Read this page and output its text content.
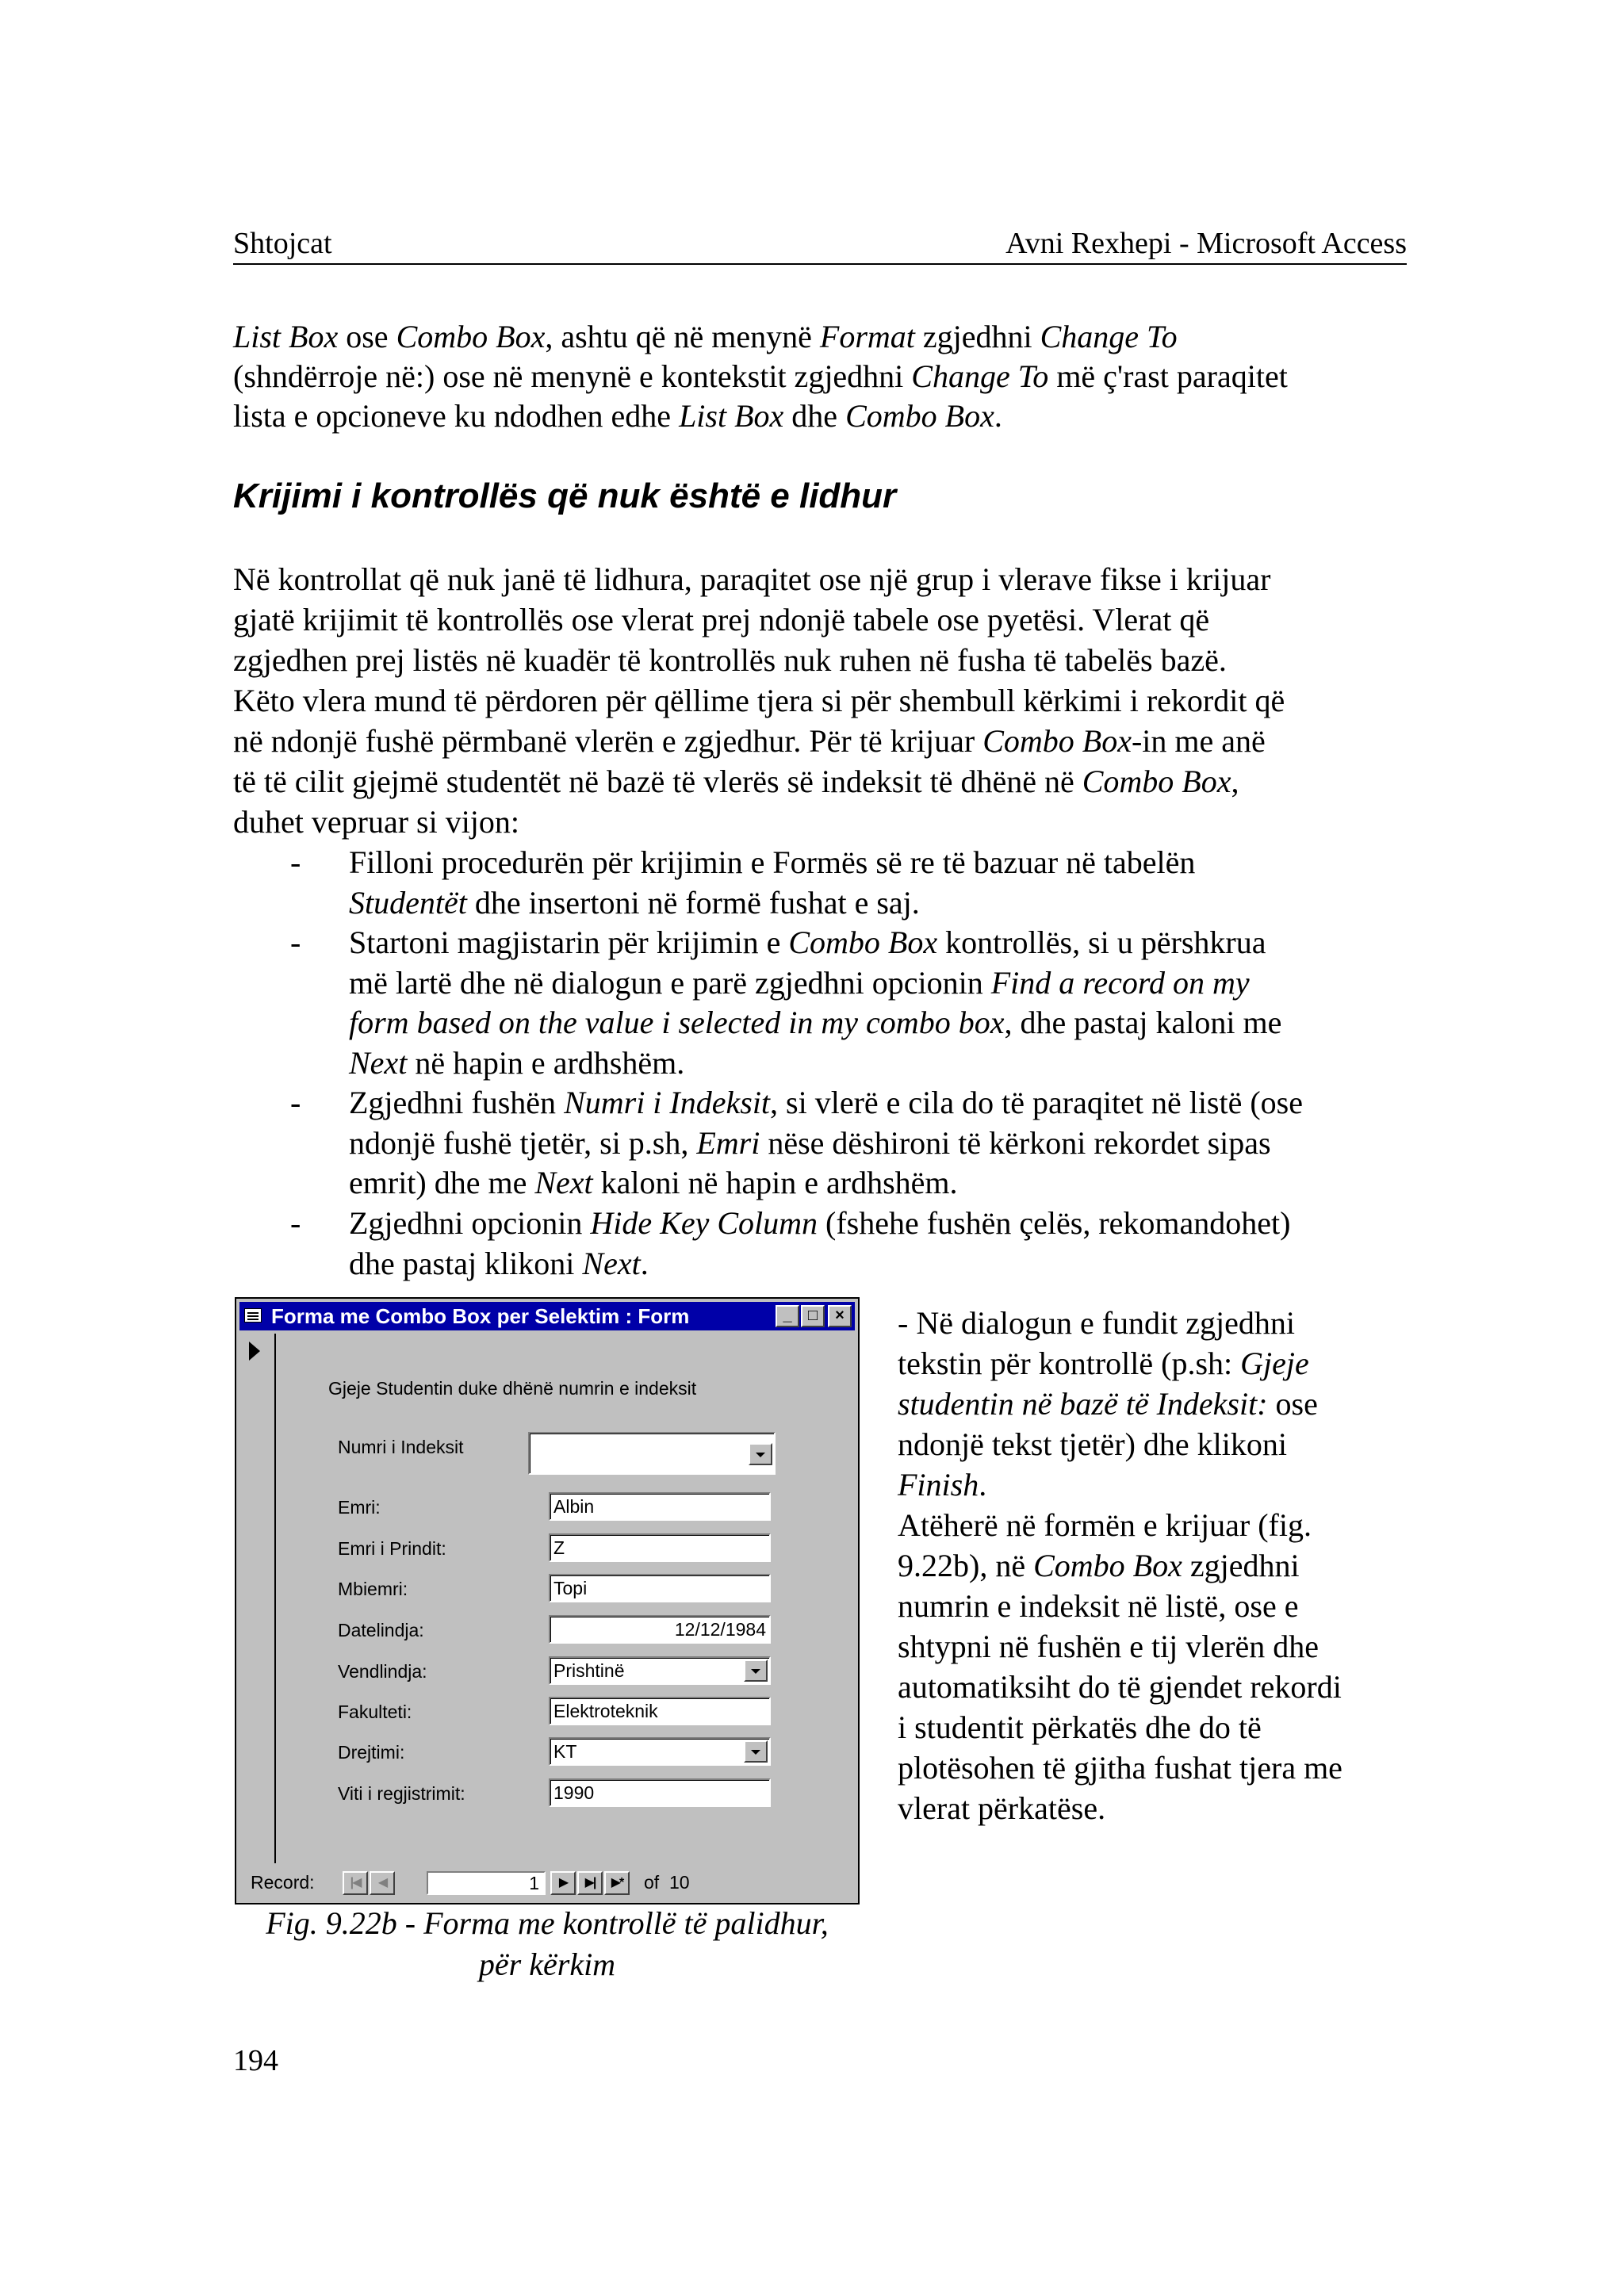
Shtojcat	Avni Rexhepi - Microsoft Access

List Box ose Combo Box, ashtu që në menynë Format zgjedhni Change To

(shndërroje në:) ose në menynë e kontekstit zgjedhni Change To më ç'rast paraqitet

lista e opcioneve ku ndodhen edhe List Box dhe Combo Box.

Krijimi i kontrollës që nuk është e lidhur

Në kontrollat që nuk janë të lidhura, paraqitet ose një grup i vlerave fikse i krijuar

gjatë krijimit të kontrollës ose vlerat prej ndonjë tabele ose pyetësi. Vlerat që

zgjedhen prej listës në kuadër të kontrollës nuk ruhen në fusha të tabelës bazë.

Këto vlera mund të përdoren për qëllime tjera si për shembull kërkimi i rekordit që

në ndonjë fushë përmbanë vlerën e zgjedhur. Për të krijuar Combo Box-in me anë

të të cilit gjejmë studentët në bazë të vlerës së indeksit të dhënë në Combo Box,

duhet vepruar si vijon:

- Filloni procedurën për krijimin e Formës së re të bazuar në tabelën
Studentët dhe insertoni në formë fushat e saj.
- Startoni magjistarin për krijimin e Combo Box kontrollës, si u përshkrua
më lartë dhe në dialogun e parë zgjedhni opcionin Find a record on my
form based on the value i selected in my combo box, dhe pastaj kaloni me
Next në hapin e ardhshëm.
- Zgjedhni fushën Numri i Indeksit, si vlerë e cila do të paraqitet në listë (ose
ndonjë fushë tjetër, si p.sh, Emri nëse dëshironi të kërkoni rekordet sipas
emrit) dhe me Next kaloni në hapin e ardhshëm.
- Zgjedhni opcionin Hide Key Column (fshehe fushën çelës, rekomandohet)
dhe pastaj klikoni Next.
Forma me Combo Box per Selektim : Form	_	□	×
Gjeje Studentin duke dhënë numrin e indeksit
Numri i Indeksit
Emri:	Albin
Emri i Prindit:	Z
Mbiemri:	Topi
Datelindja:	12/12/1984
Vendlindja:	Prishtinë
Fakulteti:	Elektroteknik
Drejtimi:	KT
Viti i regjistrimit:	1990
Record:	|◀	◀	1	▶	▶|	▶*	of  10

- Në dialogun e fundit zgjedhni

tekstin për kontrollë (p.sh: Gjeje

studentin në bazë të Indeksit: ose

ndonjë tekst tjetër) dhe klikoni

Finish.

Atëherë në formën e krijuar (fig.

9.22b), në Combo Box zgjedhni

numrin e indeksit në listë, ose e

shtypni në fushën e tij vlerën dhe

automatiksiht do të gjendet rekordi

i studentit përkatës dhe do të

plotësohen të gjitha fushat tjera me

vlerat përkatëse.

Fig. 9.22b - Forma me kontrollë të palidhur,
për kërkim
194
